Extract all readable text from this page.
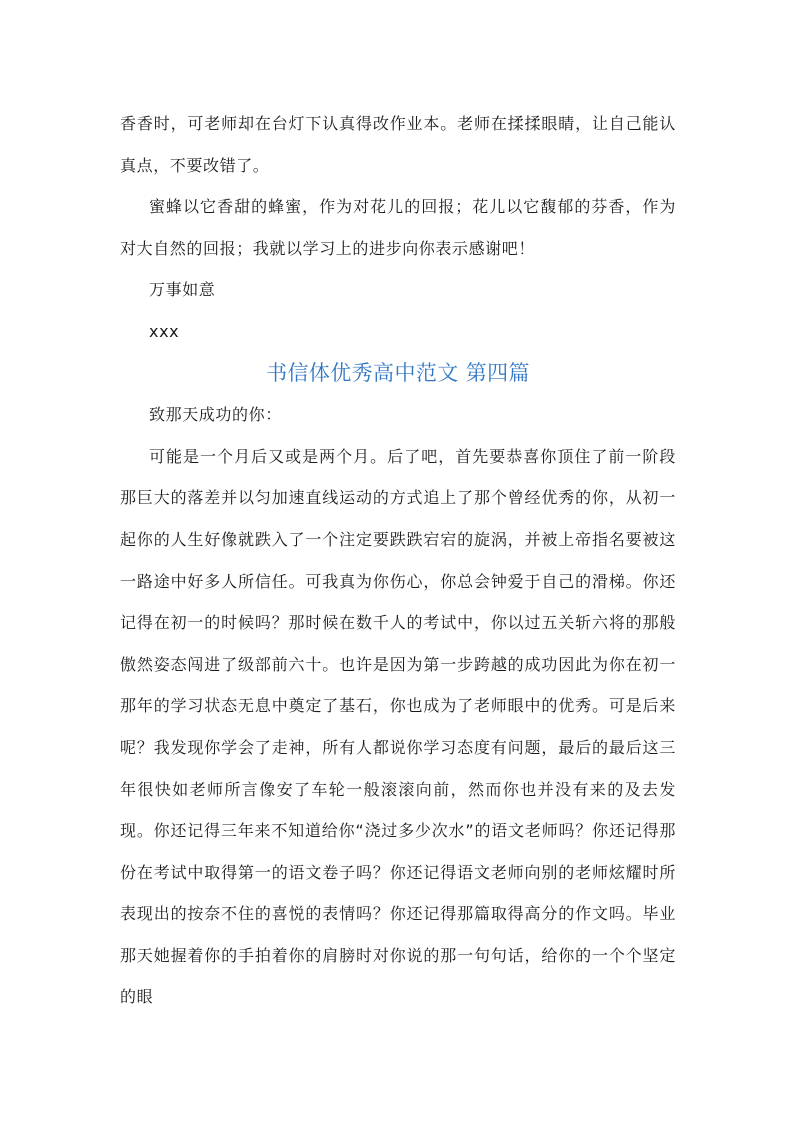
香香时，可老师却在台灯下认真得改作业本。老师在揉揉眼睛，让自己能认真点，不要改错了。

蜜蜂以它香甜的蜂蜜，作为对花儿的回报；花儿以它馥郁的芬香，作为对大自然的回报；我就以学习上的进步向你表示感谢吧！

万事如意

xxx

书信体优秀高中范文 第四篇

致那天成功的你：

可能是一个月后又或是两个月。后了吧，首先要恭喜你顶住了前一阶段那巨大的落差并以匀加速直线运动的方式追上了那个曾经优秀的你，从初一起你的人生好像就跌入了一个注定要跌跌宕宕的旋涡，并被上帝指名要被这一路途中好多人所信任。可我真为你伤心，你总会钟爱于自己的滑梯。你还记得在初一的时候吗？那时候在数千人的考试中，你以过五关斩六将的那般傲然姿态闯进了级部前六十。也许是因为第一步跨越的成功因此为你在初一那年的学习状态无息中奠定了基石，你也成为了老师眼中的优秀。可是后来呢？我发现你学会了走神，所有人都说你学习态度有问题，最后的最后这三年很快如老师所言像安了车轮一般滚滚向前，然而你也并没有来的及去发现。你还记得三年来不知道给你“浇过多少次水”的语文老师吗？你还记得那份在考试中取得第一的语文卷子吗？你还记得语文老师向别的老师炫耀时所表现出的按奈不住的喜悦的表情吗？你还记得那篇取得高分的作文吗。毕业那天她握着你的手拍着你的肩膀时对你说的那一句句话，给你的一个个坚定的眼
